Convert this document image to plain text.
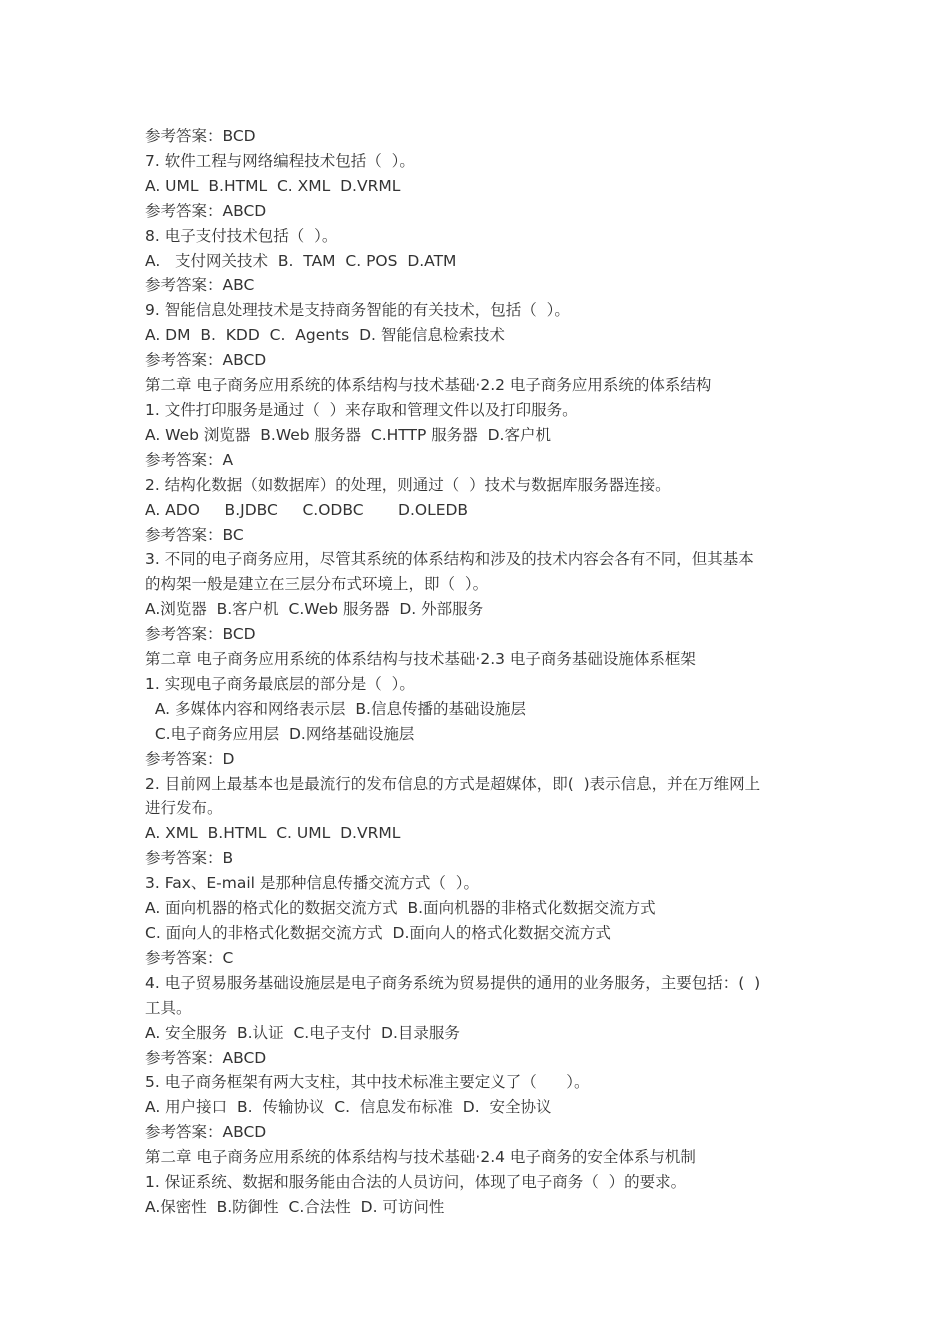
参考答案：BCD

7. 软件工程与网络编程技术包括（  ）。

A. UML  B.HTML  C. XML  D.VRML

参考答案：ABCD

8. 电子支付技术包括（  ）。

A.   支付网关技术  B.  TAM  C. POS  D.ATM

参考答案：ABC

9. 智能信息处理技术是支持商务智能的有关技术，包括（  ）。

A. DM  B.  KDD  C.  Agents  D. 智能信息检索技术

参考答案：ABCD

第二章 电子商务应用系统的体系结构与技术基础·2.2 电子商务应用系统的体系结构

1. 文件打印服务是通过（  ）来存取和管理文件以及打印服务。

A. Web 浏览器  B.Web 服务器  C.HTTP 服务器  D.客户机

参考答案：A

2. 结构化数据（如数据库）的处理，则通过（  ）技术与数据库服务器连接。

A. ADO     B.JDBC     C.ODBC       D.OLEDB

参考答案：BC

3. 不同的电子商务应用，尽管其系统的体系结构和涉及的技术内容会各有不同，但其基本

的构架一般是建立在三层分布式环境上，即（  ）。

A.浏览器  B.客户机  C.Web 服务器  D. 外部服务

参考答案：BCD

第二章 电子商务应用系统的体系结构与技术基础·2.3 电子商务基础设施体系框架

1. 实现电子商务最底层的部分是（  ）。

A. 多媒体内容和网络表示层  B.信息传播的基础设施层

C.电子商务应用层  D.网络基础设施层

参考答案：D

2. 目前网上最基本也是最流行的发布信息的方式是超媒体，即(  )表示信息，并在万维网上

进行发布。

A. XML  B.HTML  C. UML  D.VRML

参考答案：B

3. Fax、E-mail 是那种信息传播交流方式（  ）。

A. 面向机器的格式化的数据交流方式  B.面向机器的非格式化数据交流方式

C. 面向人的非格式化数据交流方式  D.面向人的格式化数据交流方式

参考答案：C

4. 电子贸易服务基础设施层是电子商务系统为贸易提供的通用的业务服务，主要包括：(  )

工具。

A. 安全服务  B.认证  C.电子支付  D.目录服务

参考答案：ABCD

5. 电子商务框架有两大支柱，其中技术标准主要定义了（      ）。

A. 用户接口  B.  传输协议  C.  信息发布标准  D.  安全协议

参考答案：ABCD

第二章 电子商务应用系统的体系结构与技术基础·2.4 电子商务的安全体系与机制

1. 保证系统、数据和服务能由合法的人员访问，体现了电子商务（  ）的要求。

A.保密性  B.防御性  C.合法性  D. 可访问性
